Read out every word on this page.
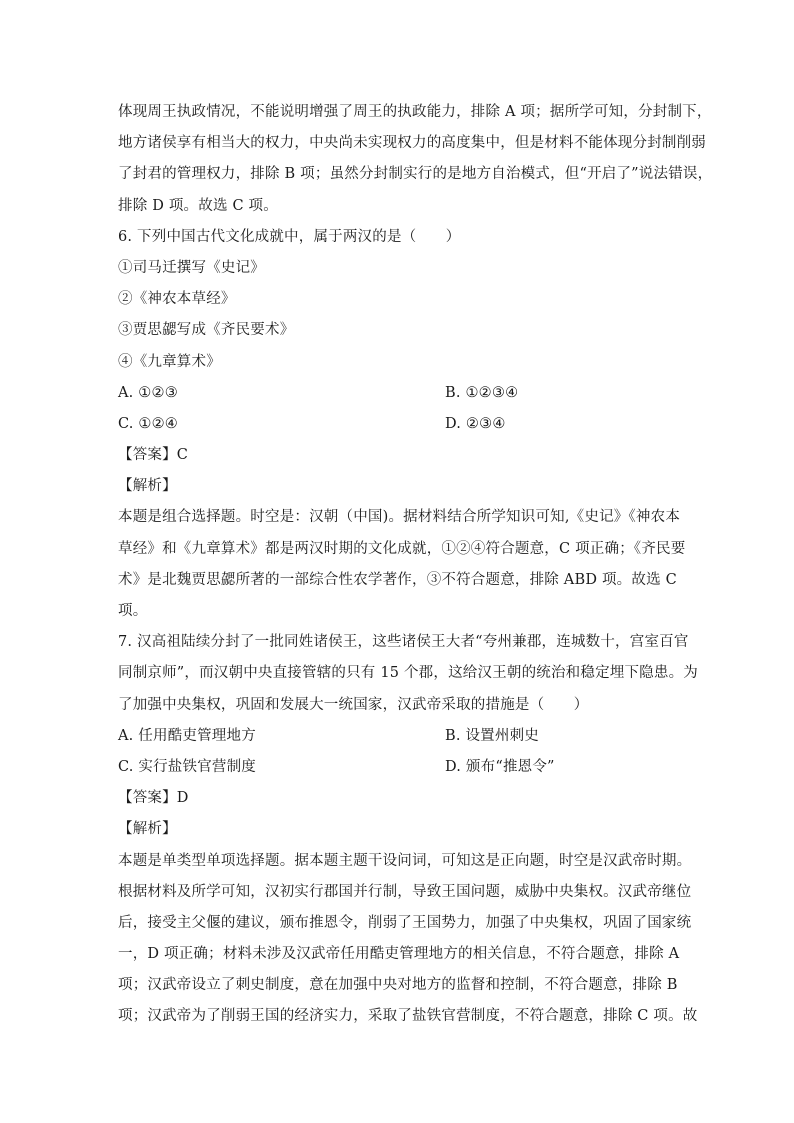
体现周王执政情况，不能说明增强了周王的执政能力，排除 A 项；据所学可知，分封制下，
地方诸侯享有相当大的权力，中央尚未实现权力的高度集中，但是材料不能体现分封制削弱
了封君的管理权力，排除 B 项；虽然分封制实行的是地方自治模式，但“开启了”说法错误，
排除 D 项。故选 C 项。
6. 下列中国古代文化成就中，属于两汉的是（　　）
①司马迁撰写《史记》
②《神农本草经》
③贾思勰写成《齐民要术》
④《九章算术》
A. ①②③	B. ①②③④
C. ①②④	D. ②③④
【答案】C
【解析】
本题是组合选择题。时空是：汉朝（中国)。据材料结合所学知识可知,《史记》《神农本
草经》和《九章算术》都是两汉时期的文化成就，①②④符合题意，C 项正确；《齐民要
术》是北魏贾思勰所著的一部综合性农学著作，③不符合题意，排除 ABD 项。故选 C
项。
7. 汉高祖陆续分封了一批同姓诸侯王，这些诸侯王大者“夸州兼郡，连城数十，宫室百官
同制京师”，而汉朝中央直接管辖的只有 15 个郡，这给汉王朝的统治和稳定埋下隐患。为
了加强中央集权，巩固和发展大一统国家，汉武帝采取的措施是（　　）
A. 任用酷吏管理地方	B. 设置州刺史
C. 实行盐铁官营制度	D. 颁布“推恩令”
【答案】D
【解析】
本题是单类型单项选择题。据本题主题干设问词，可知这是正向题，时空是汉武帝时期。
根据材料及所学可知，汉初实行郡国并行制，导致王国问题，威胁中央集权。汉武帝继位
后，接受主父偃的建议，颁布推恩令，削弱了王国势力，加强了中央集权，巩固了国家统
一，D 项正确；材料未涉及汉武帝任用酷吏管理地方的相关信息，不符合题意，排除 A
项；汉武帝设立了刺史制度，意在加强中央对地方的监督和控制，不符合题意，排除 B
项；汉武帝为了削弱王国的经济实力，采取了盐铁官营制度，不符合题意，排除 C 项。故
